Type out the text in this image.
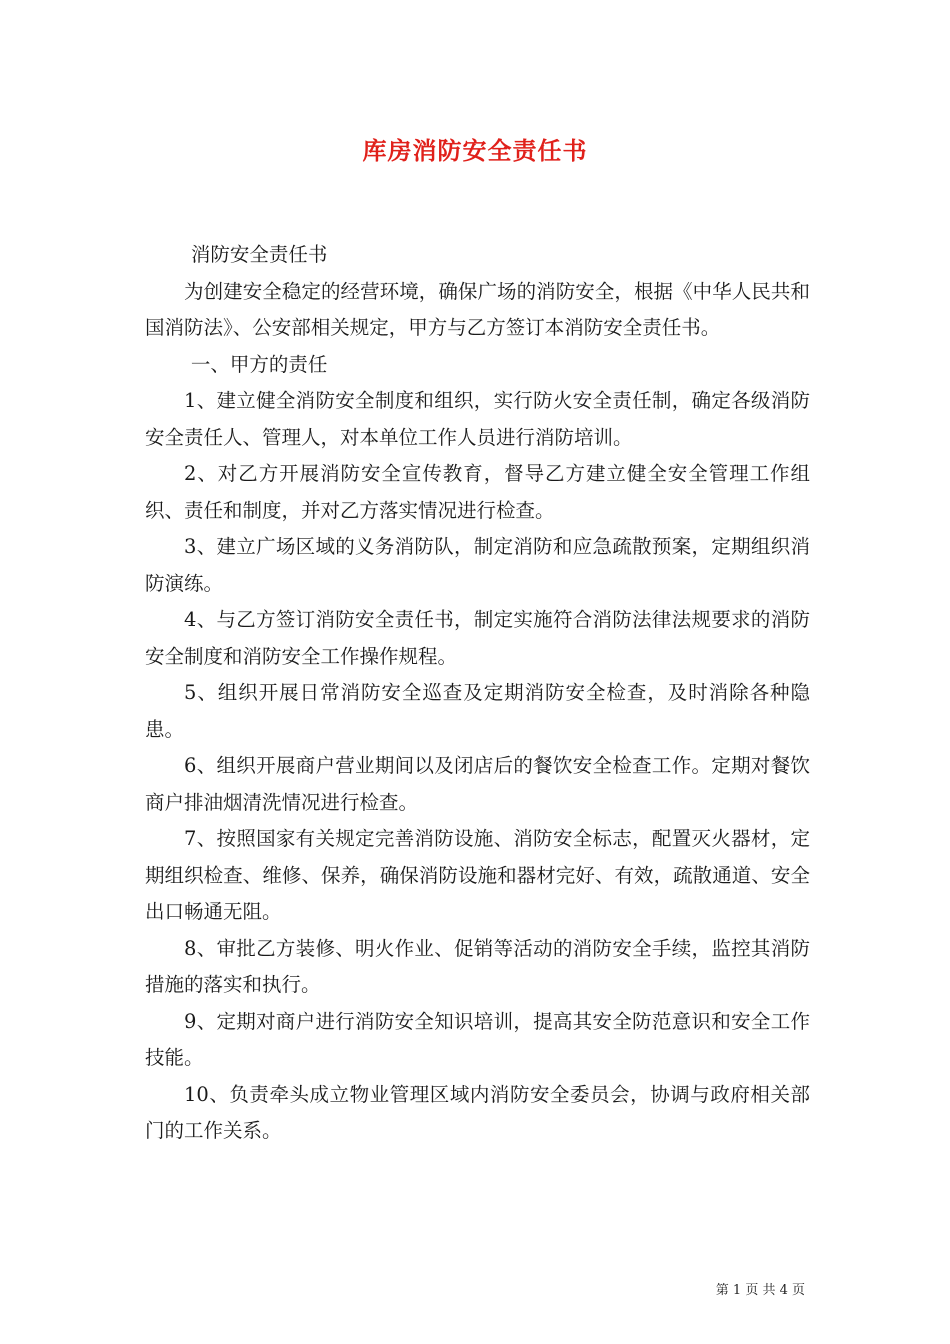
库房消防安全责任书

消防安全责任书

为创建安全稳定的经营环境，确保广场的消防安全，根据《中华人民共和国消防法》、公安部相关规定，甲方与乙方签订本消防安全责任书。

一、甲方的责任

1、建立健全消防安全制度和组织，实行防火安全责任制，确定各级消防安全责任人、管理人，对本单位工作人员进行消防培训。

2、对乙方开展消防安全宣传教育，督导乙方建立健全安全管理工作组织、责任和制度，并对乙方落实情况进行检查。

3、建立广场区域的义务消防队，制定消防和应急疏散预案，定期组织消防演练。

4、与乙方签订消防安全责任书，制定实施符合消防法律法规要求的消防安全制度和消防安全工作操作规程。

5、组织开展日常消防安全巡查及定期消防安全检查，及时消除各种隐患。

6、组织开展商户营业期间以及闭店后的餐饮安全检查工作。定期对餐饮商户排油烟清洗情况进行检查。

7、按照国家有关规定完善消防设施、消防安全标志，配置灭火器材，定期组织检查、维修、保养，确保消防设施和器材完好、有效，疏散通道、安全出口畅通无阻。

8、审批乙方装修、明火作业、促销等活动的消防安全手续，监控其消防措施的落实和执行。

9、定期对商户进行消防安全知识培训，提高其安全防范意识和安全工作技能。

10、负责牵头成立物业管理区域内消防安全委员会，协调与政府相关部门的工作关系。

第 1 页 共 4 页
